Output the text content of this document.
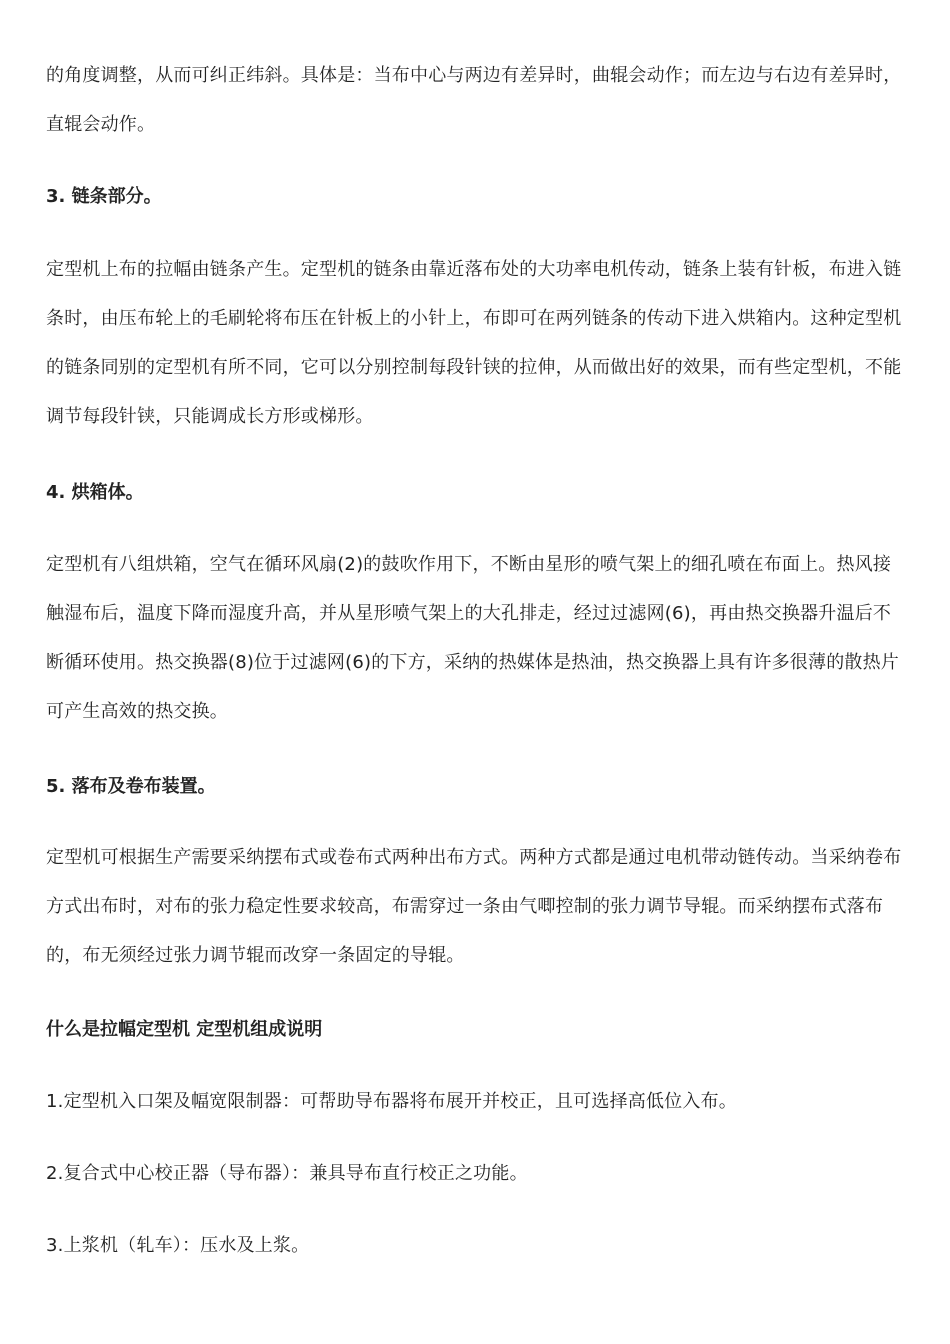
的角度调整，从而可纠正纬斜。具体是：当布中心与两边有差异时，曲辊会动作；而左边与右边有差异时，直辊会动作。

3. 链条部分。

定型机上布的拉幅由链条产生。定型机的链条由靠近落布处的大功率电机传动，链条上装有针板，布进入链条时，由压布轮上的毛刷轮将布压在针板上的小针上，布即可在两列链条的传动下进入烘箱内。这种定型机的链条同别的定型机有所不同，它可以分别控制每段针铗的拉伸，从而做出好的效果，而有些定型机，不能调节每段针铗，只能调成长方形或梯形。

4. 烘箱体。

定型机有八组烘箱，空气在循环风扇(2)的鼓吹作用下，不断由星形的喷气架上的细孔喷在布面上。热风接触湿布后，温度下降而湿度升高，并从星形喷气架上的大孔排走，经过过滤网(6)，再由热交换器升温后不断循环使用。热交换器(8)位于过滤网(6)的下方，采纳的热媒体是热油，热交换器上具有许多很薄的散热片可产生高效的热交换。

5. 落布及卷布装置。

定型机可根据生产需要采纳摆布式或卷布式两种出布方式。两种方式都是通过电机带动链传动。当采纳卷布方式出布时，对布的张力稳定性要求较高，布需穿过一条由气唧控制的张力调节导辊。而采纳摆布式落布的，布无须经过张力调节辊而改穿一条固定的导辊。

什么是拉幅定型机 定型机组成说明

1.定型机入口架及幅宽限制器：可帮助导布器将布展开并校正，且可选择高低位入布。

2.复合式中心校正器（导布器）：兼具导布直行校正之功能。

3.上浆机（轧车）：压水及上浆。
